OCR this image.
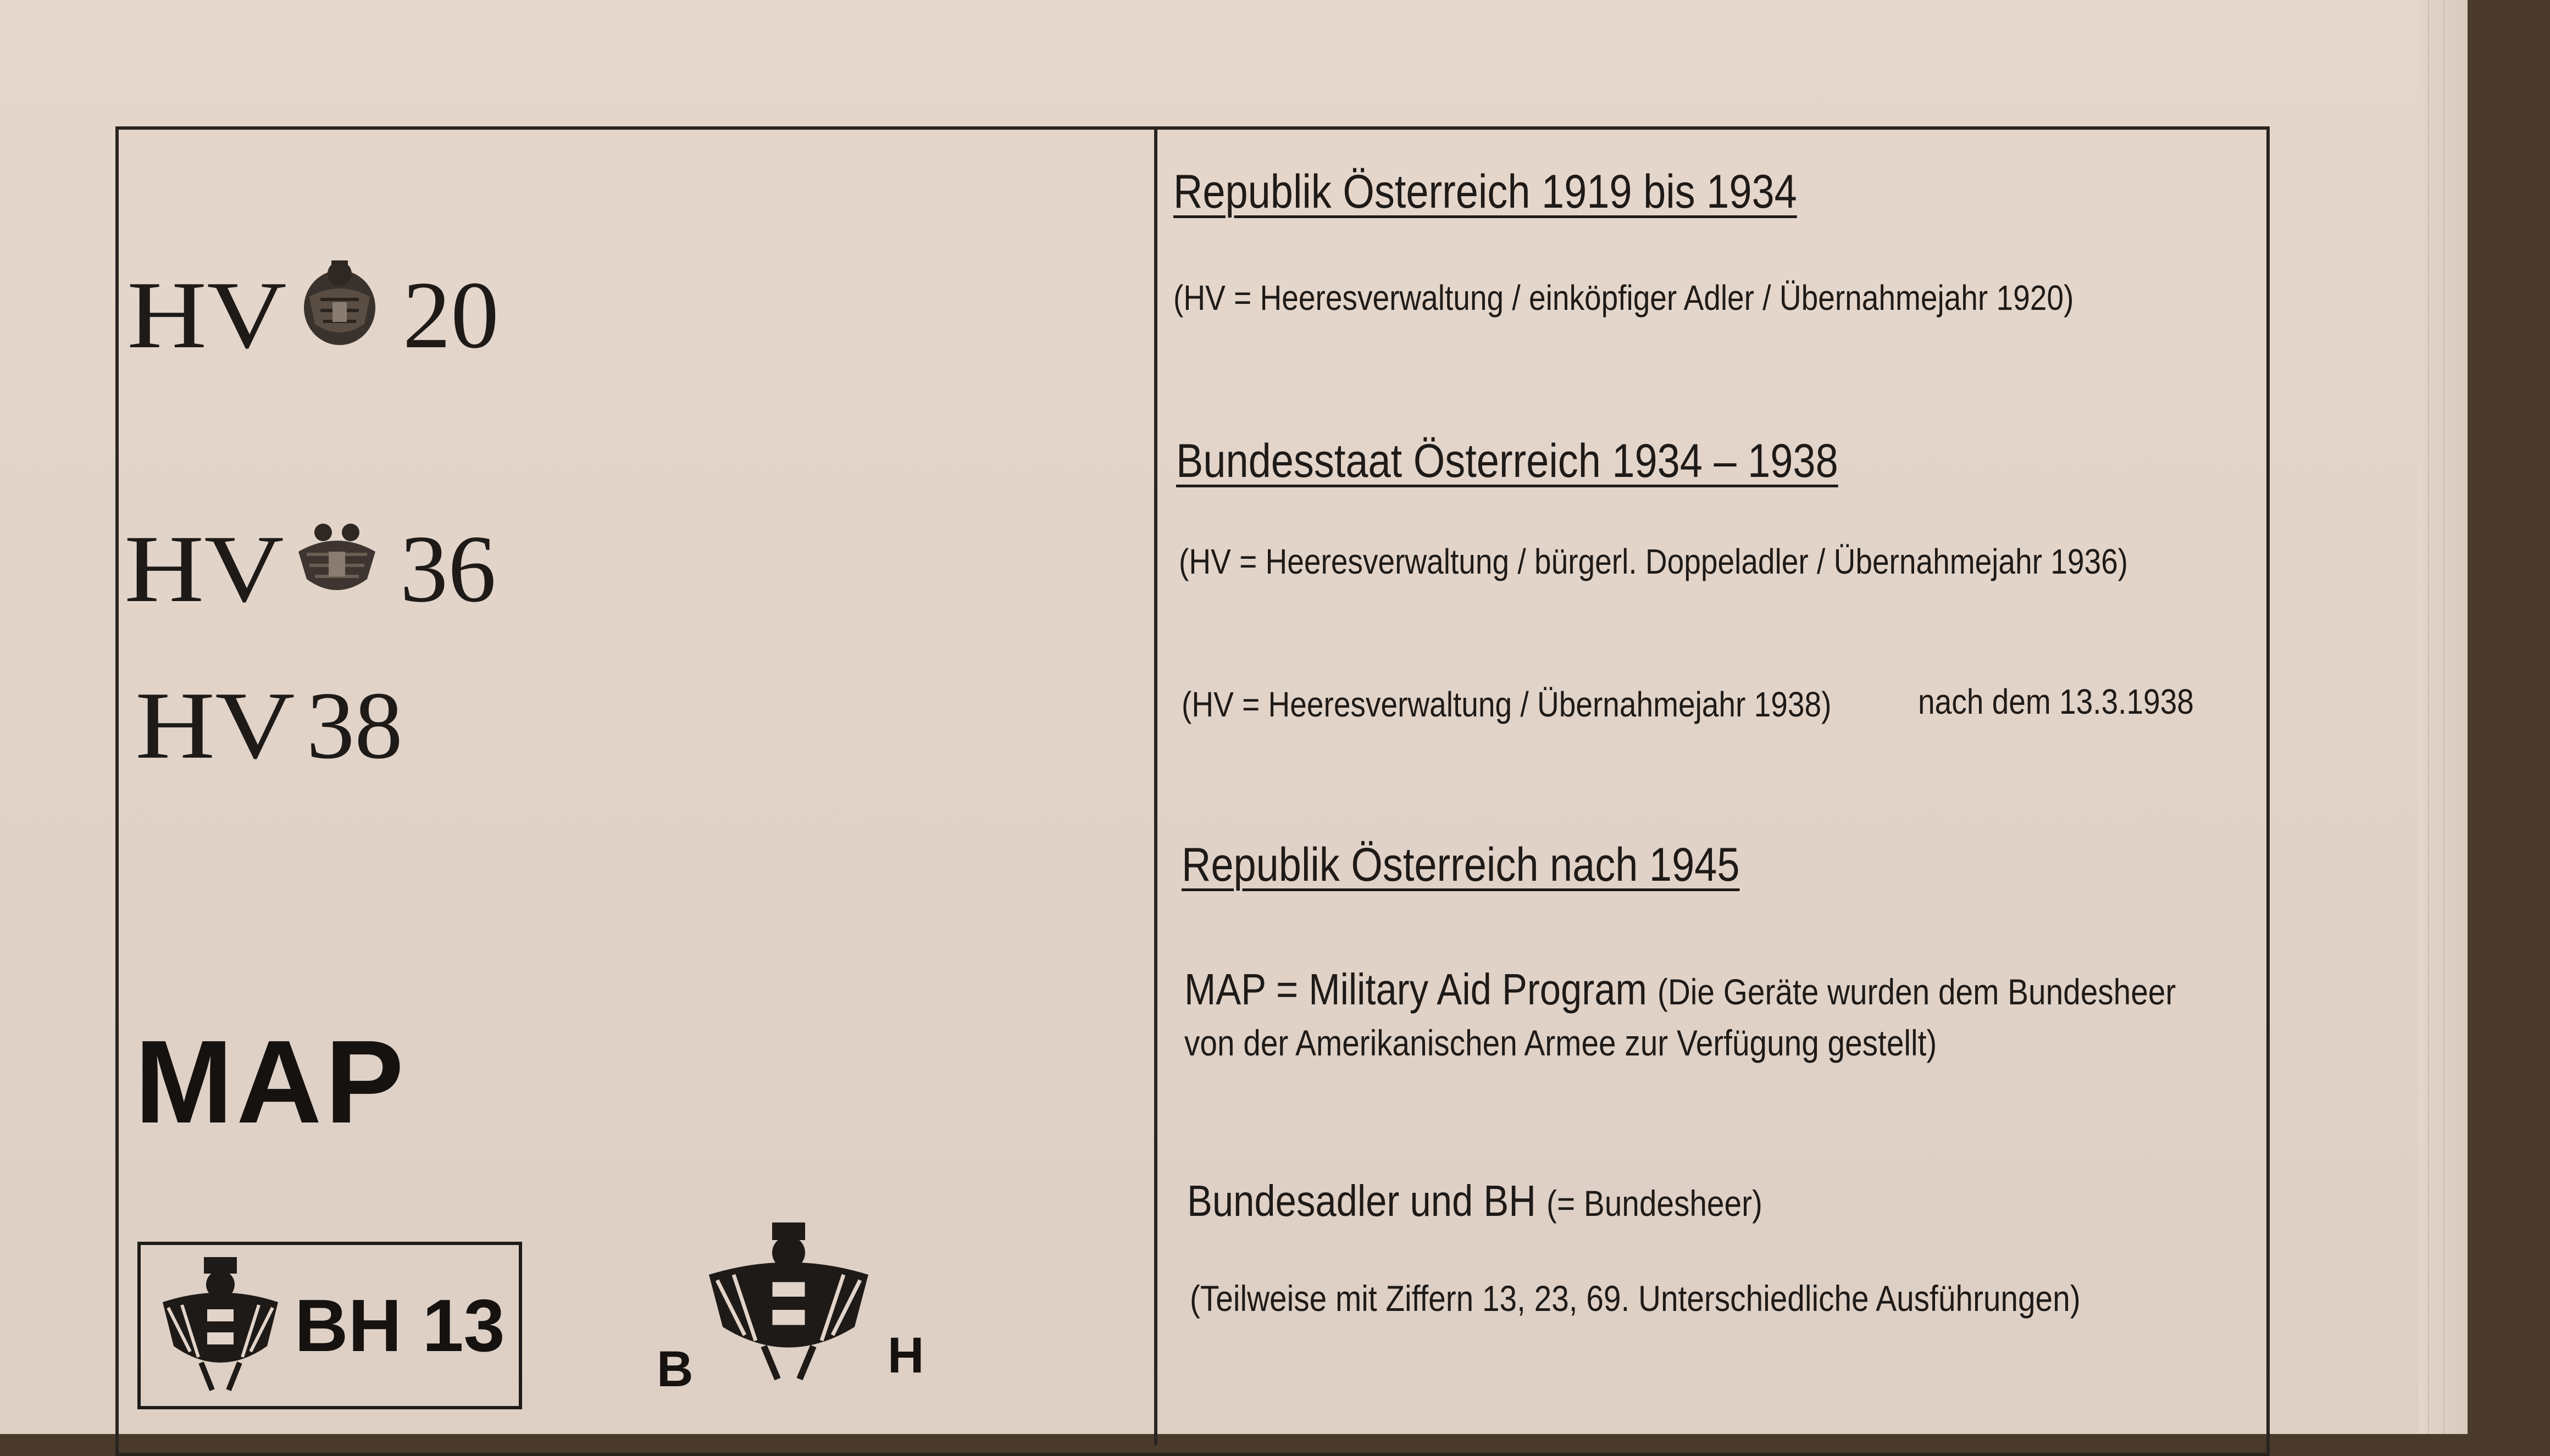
HV 20
HV 36
HV 38
MAP
BH 13
B	H
Republik Österreich 1919 bis 1934
(HV = Heeresverwaltung / einköpfiger Adler / Übernahmejahr 1920)
Bundesstaat Österreich 1934 – 1938
(HV = Heeresverwaltung / bürgerl. Doppeladler / Übernahmejahr 1936)
(HV = Heeresverwaltung / Übernahmejahr 1938) nach dem 13.3.1938
Republik Österreich nach 1945
MAP = Military Aid Program (Die Geräte wurden dem Bundesheer
von der Amerikanischen Armee zur Verfügung gestellt)
Bundesadler und BH (= Bundesheer)
(Teilweise mit Ziffern 13, 23, 69. Unterschiedliche Ausführungen)
